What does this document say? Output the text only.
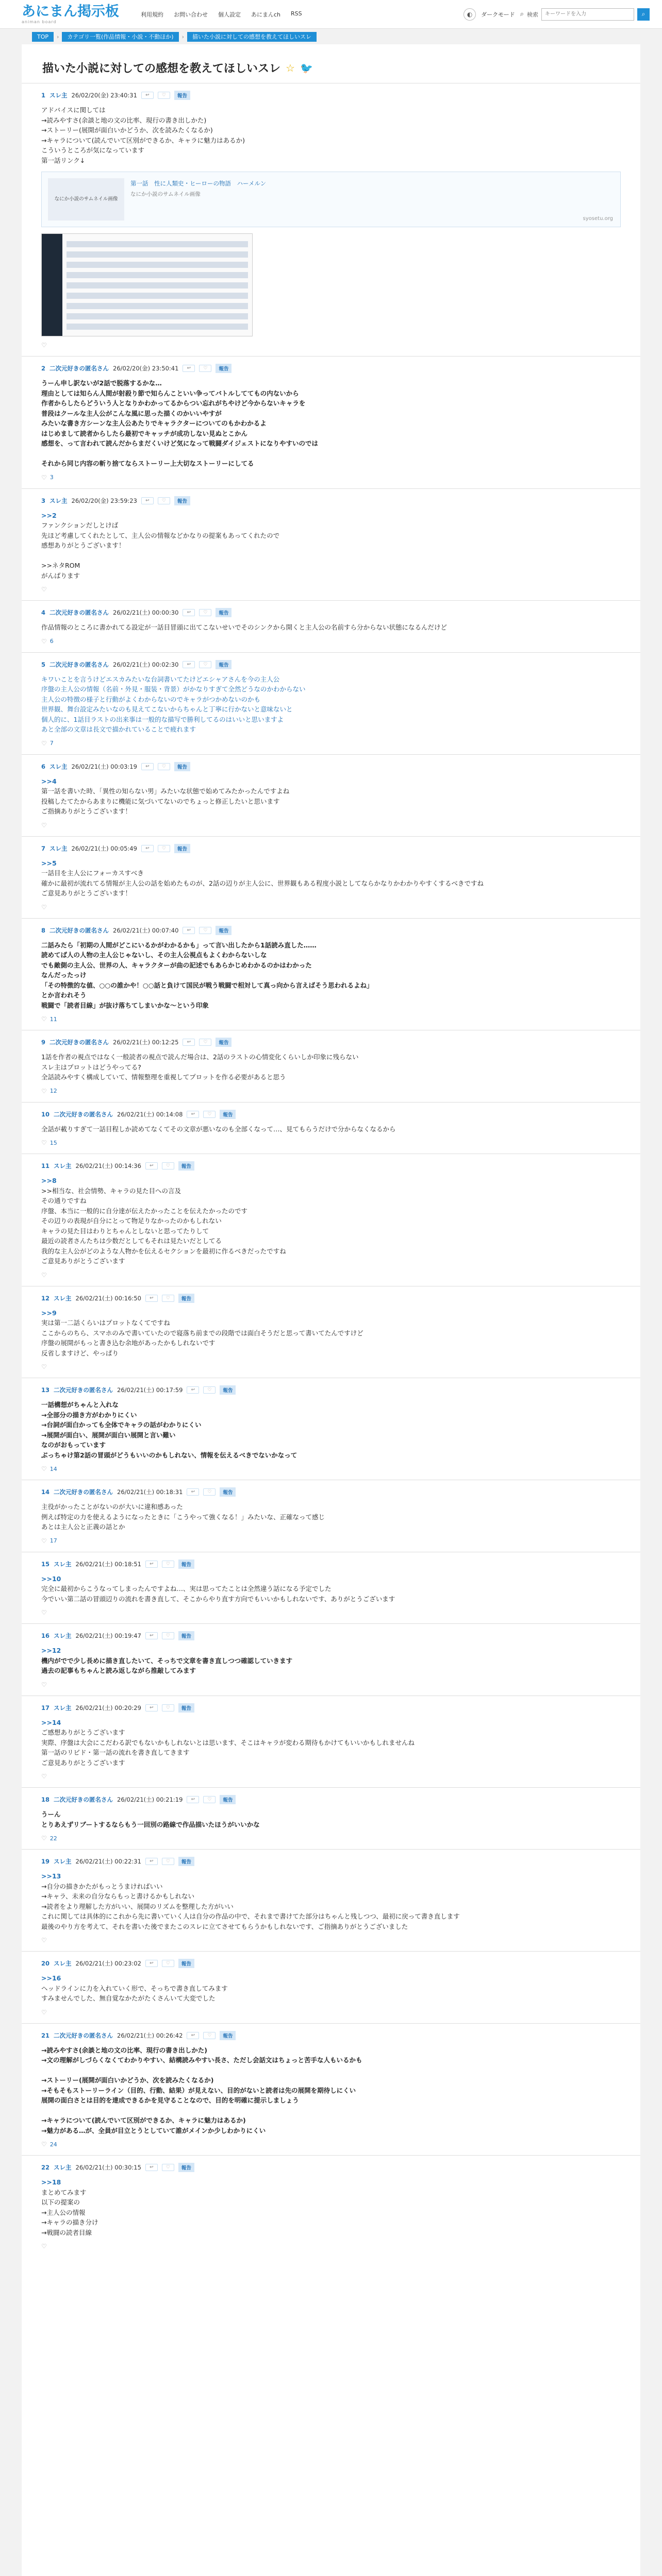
あにまん掲示板
animan board
利用規約 お問い合わせ 個人設定 あにまんch RSS	◐	ダークモード ⌕ 検索
キーワードを入力	⌕
TOP	›	カテゴリ一覧(作品情報・小説・不動ほか)	›	描いた小説に対しての感想を教えてほしいスレ
描いた小説に対しての感想を教えてほしいスレ ☆ 🐦
1 スレ主 26/02/20(金) 23:40:31	↩	♡	報告

アドバイスに関しては

→読みやすさ(余談と地の文の比率、現行の書き出しかた)

→ストーリー(展開が面白いかどうか、次を読みたくなるか)

→キャラについて(読んでいて区別ができるか、キャラに魅力はあるか)

こういうところが気になっています

第一話リンク↓

なにか小説のサムネイル画像
第一話　性に人類史・ヒーローの物語　ハーメルン
なにか小説のサムネイル画像
syosetu.org
♡
2 二次元好きの匿名さん 26/02/20(金) 23:50:41	↩	♡	報告

うーん申し訳ないが2話で脱落するかな…

理由としては知らん人間が射殺り節で知らんこといい争ってバトルしててもの内ないから

作者からしたらどういう人となりかわかってるからつい忘れがちやけど今からないキャラを

普段はクールな主人公がこんな風に思った描くのかいいやすが

みたいな書き方シーンな主人公あたりでキャラクターについてのもかわかるよ

はじめまして読者からしたら最初でキャッチが成功しない見ぬとこかん

感想を、って言われて読んだからまだくいけど気になって戦闘ダイジェストになりやすいのでは

それから同じ内容の斬り捨てならストーリー上大切なストーリーにしてる

♡ 3
3 スレ主 26/02/20(金) 23:59:23	↩	♡	報告

>>2

ファンクションだしとけば

先ほど考慮してくれたとして、主人公の情報などかなりの提案もあってくれたので

感想ありがとうございます！

>>ネタROM

がんばります

♡
4 二次元好きの匿名さん 26/02/21(土) 00:00:30	↩	♡	報告

作品情報のところに書かれてる設定が一話目冒頭に出てこないせいでそのシンクから開くと主人公の名前すら分からない状態になるんだけど

♡ 6
5 二次元好きの匿名さん 26/02/21(土) 00:02:30	↩	♡	報告

キワいことを言うけどエスカみたいな台詞書いてたけどエシャアさんを今の主人公

序盤の主人公の情報（名前・外見・服装・背景）がかなりすぎて全然どうなのかわからない

主人公の特徴の様子と行動がよくわからないのでキャラがつかめないのかも

世界観、舞台設定みたいなのも見えてこないからちゃんと丁寧に行かないと意味ないと

個人的に、1話目ラストの出来事は一般的な描写で勝利してるのはいいと思いますよ

あと全部の文章は長文で描かれていることで疲れます

♡ 7
6 スレ主 26/02/21(土) 00:03:19	↩	♡	報告

>>4

第一話を書いた時、「異性の知らない男」みたいな状態で始めてみたかったんですよね

投稿したてたからあまりに機能に気づいてないのでちょっと修正したいと思います

ご指摘ありがとうございます！

♡
7 スレ主 26/02/21(土) 00:05:49	↩	♡	報告

>>5

一話目を主人公にフォーカスすべき

確かに最初が流れてる情報が主人公の話を始めたものが、2話の辺りが主人公に、世界観もある程度小説としてならかなりかわかりやすくするべきですね

ご意見ありがとうございます！

♡
8 二次元好きの匿名さん 26/02/21(土) 00:07:40	↩	♡	報告

二話みたら「初期の人間がどこにいるかがわかるかも」って言い出したから1話読み直した……

読めてば人の人物の主人公じゃないし、その主人公視点もよくわからないしな

でも敵側の主人公、世界の人、キャラクターが曲の記述でもあらかじめわかるのかはわかった

なんだったっけ

「その特徴的な値、○○の誰かや！○○話と負けて国民が戦う戦闘で相対して真っ向から言えばそう思われるよね」

とか言われそう

戦闘で「読者目線」が抜け落ちてしまいかな〜という印象

♡ 11
9 二次元好きの匿名さん 26/02/21(土) 00:12:25	↩	♡	報告

1話を作者の視点ではなく一般読者の視点で読んだ場合は、2話のラストの心情変化くらいしか印象に残らない

スレ主はプロットはどうやってる?

全話読みやすく構成していて、情報整理を重視してプロットを作る必要があると思う

♡ 12
10 二次元好きの匿名さん 26/02/21(土) 00:14:08	↩	♡	報告

全話が載りすぎて一話目程しか読めてなくてその文章が悪いなのも全部くなって…、見てもらうだけで分からなくなるから

♡ 15
11 スレ主 26/02/21(土) 00:14:36	↩	♡	報告

>>8

>>相当な、社会情勢、キャラの見た目への言及

その通りですね

序盤、本当に一般的に自分達が伝えたかったことを伝えたかったのです

その辺りの表現が自分にとって物足りなかったのかもしれない

キャラの見た目はわりとちゃんとしないと思ってたりして

最近の読者さんたちは少数だとしてもそれは見たいだとしてる

我的な主人公がどのような人物かを伝えるセクションを最初に作るべきだったですね

ご意見ありがとうございます

♡
12 スレ主 26/02/21(土) 00:16:50	↩	♡	報告

>>9

実は第一二話くらいはプロットなくてですね

ここからのちら、スマホのみで書いていたので寝落ち前までの段階では面白そうだと思って書いてたんですけど

序盤の展開がもっと書き込む余地があったかもしれないです

反省しますけど、やっぱり

♡
13 二次元好きの匿名さん 26/02/21(土) 00:17:59	↩	♡	報告

一話構想がちゃんと入れな

→全部分の描き方がわかりにくい

→台詞が面白かっても全体でキャラの話がわかりにくい

→展開が面白い、展開が面白い展開と言い難い

なのがおもっています

ぶっちゃけ第2話の冒頭がどうもいいのかもしれない、情報を伝えるべきでないかなって

♡ 14
14 二次元好きの匿名さん 26/02/21(土) 00:18:31	↩	♡	報告

主役がかったことがないのが大いに違和感あった

例えば特定の力を使えるようになったときに「こうやって強くなる！」みたいな、正確なって感じ

あとは主人公と正義の話とか

♡ 17
15 スレ主 26/02/21(土) 00:18:51	↩	♡	報告

>>10

完全に最初からこうなってしまったんですよね…、実は思ってたことは全然違う話になる予定でした

今でいい第二話の冒頭辺りの流れを書き直して、そこからやり直す方向でもいいかもしれないです、ありがとうございます

♡
16 スレ主 26/02/21(土) 00:19:47	↩	♡	報告

>>12

機内がでで少し長めに描き直したいて、そっちで文章を書き直しつつ確認していきます

過去の記事もちゃんと読み返しながら推敲してみます

♡
17 スレ主 26/02/21(土) 00:20:29	↩	♡	報告

>>14

ご感想ありがとうございます

実際、序盤は大会にこだわる訳でもないかもしれないとは思います、そこはキャラが変わる期待もかけてもいいかもしれませんね

第一話のリビド・第一話の流れを書き直してきます

ご意見ありがとうございます

♡
18 二次元好きの匿名さん 26/02/21(土) 00:21:19	↩	♡	報告

うーん

とりあえずリブートするならもう一回別の路線で作品描いたほうがいいかな

♡ 22
19 スレ主 26/02/21(土) 00:22:31	↩	♡	報告

>>13

→自分の描きかたがもっとうまければいい

→キャラ、未来の自分ならもっと書けるかもしれない

→読者をより理解した方がいい、展開のリズムを整理した方がいい

これに関しては具体的にこれから先に書いていく人は自分の作品の中で、それまで書けてた部分はちゃんと残しつつ、最初に戻って書き直します

最後のやり方を考えて、それを書いた後でまたこのスレに立てさせてもらうかもしれないです、ご指摘ありがとうございました

♡
20 スレ主 26/02/21(土) 00:23:02	↩	♡	報告

>>16

ヘッドラインに力を入れていく形で、そっちで書き直してみます

すみませんでした、無自覚なかたがたくさんいて大変でした

♡
21 二次元好きの匿名さん 26/02/21(土) 00:26:42	↩	♡	報告

→読みやすさ(余談と地の文の比率、現行の書き出しかた)

→文の理解がしづらくなくてわかりやすい、結構読みやすい長さ、ただし会話文はちょっと苦手な人もいるかも

→ストーリー(展開が面白いかどうか、次を読みたくなるか)

→そもそもストーリーライン（目的、行動、結果）が見えない、目的がないと読者は先の展開を期待しにくい

展開の面白さとは目的を達成できるかを見守ることなので、目的を明確に提示しましょう

→キャラについて(読んでいて区別ができるか、キャラに魅力はあるか)

→魅力がある…が、全員が目立とうとしていて誰がメインか少しわかりにくい

♡ 24
22 スレ主 26/02/21(土) 00:30:15	↩	♡	報告

>>18

まとめてみます

以下の提案の

→主人公の情報

→キャラの描き分け

→戦闘の読者目線

♡
